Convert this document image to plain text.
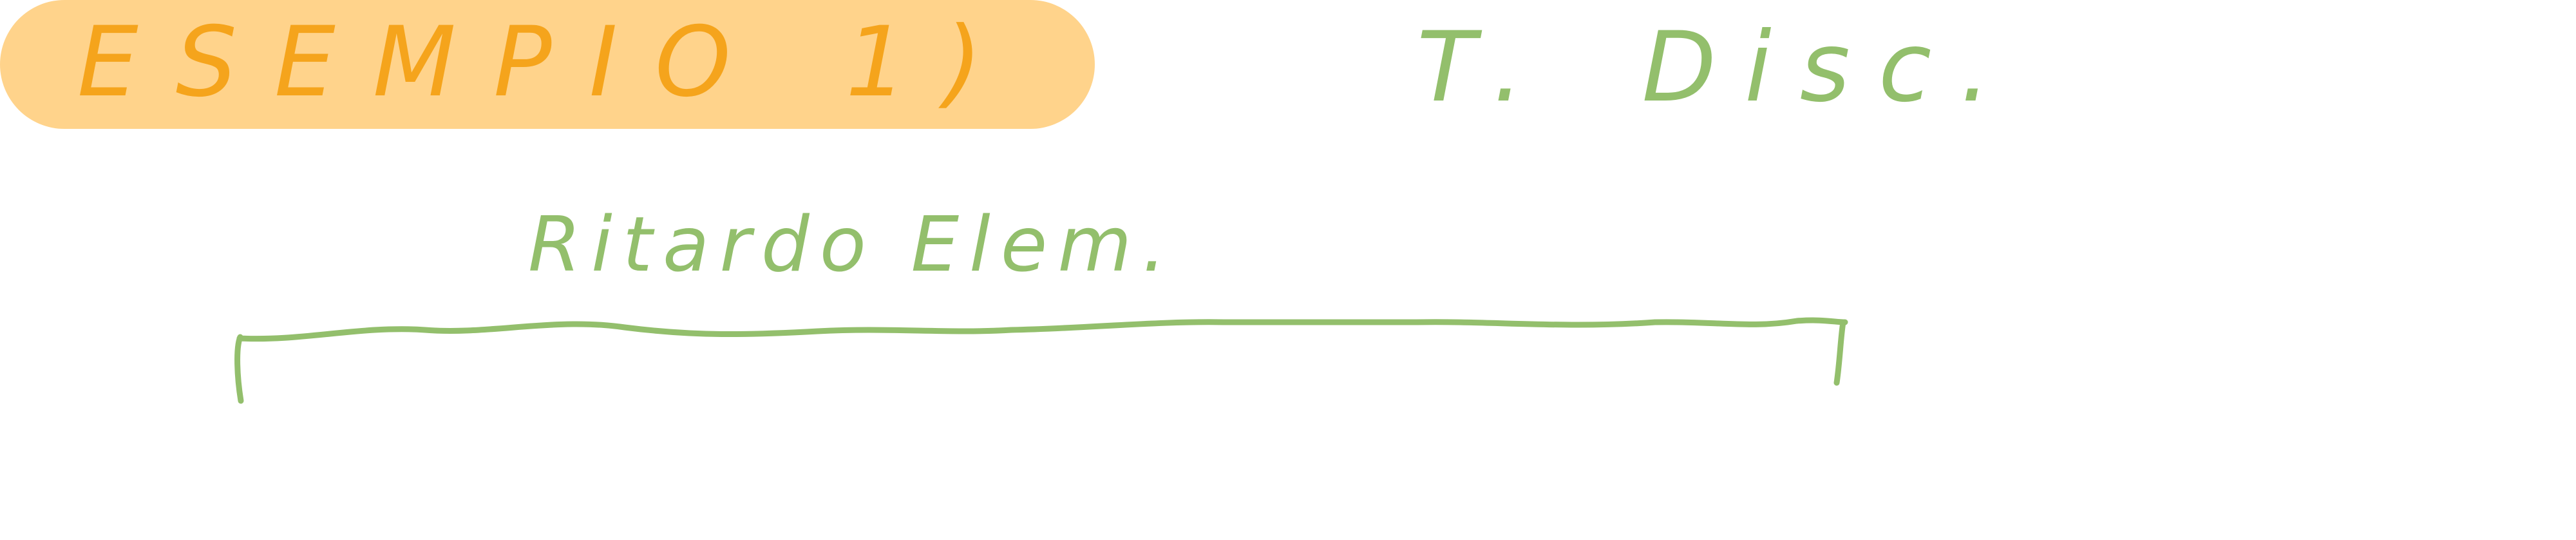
ESEMPIO 1)	T. Disc.
Ritardo Elem.
